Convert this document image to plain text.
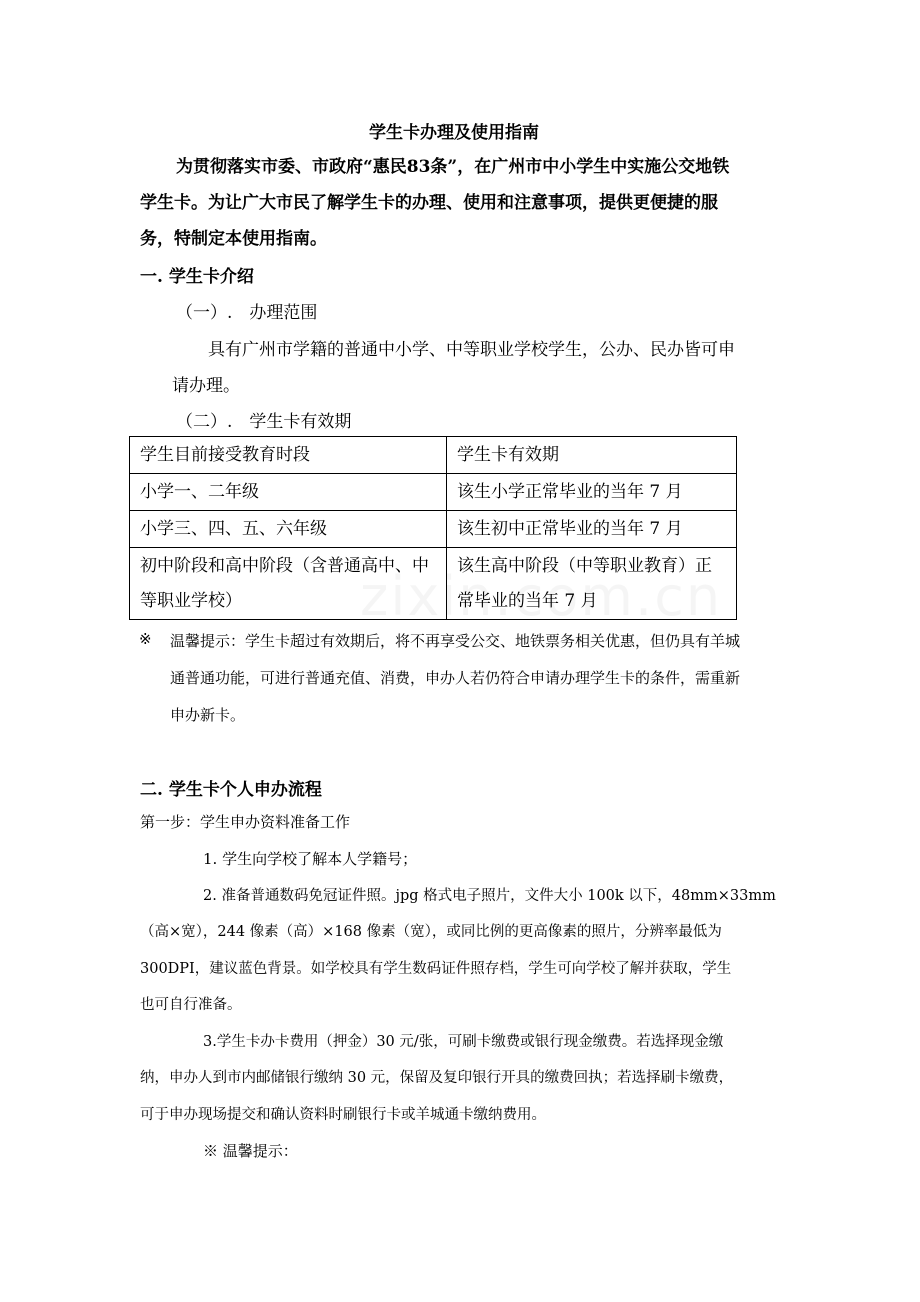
学生卡办理及使用指南
为贯彻落实市委、市政府“惠民83条”，在广州市中小学生中实施公交地铁
学生卡。为让广大市民了解学生卡的办理、使用和注意事项，提供更便捷的服
务，特制定本使用指南。
一. 学生卡介绍
（一）.　办理范围
具有广州市学籍的普通中小学、中等职业学校学生，公办、民办皆可申
请办理。
（二）.　学生卡有效期
学生目前接受教育时段	学生卡有效期
小学一、二年级	该生小学正常毕业的当年 7 月
小学三、四、五、六年级	该生初中正常毕业的当年 7 月
初中阶段和高中阶段（含普通高中、中等职业学校）	该生高中阶段（中等职业教育）正常毕业的当年 7 月
※ 温馨提示：学生卡超过有效期后，将不再享受公交、地铁票务相关优惠，但仍具有羊城
通普通功能，可进行普通充值、消费，申办人若仍符合申请办理学生卡的条件，需重新
申办新卡。
二. 学生卡个人申办流程
第一步：学生申办资料准备工作
1. 学生向学校了解本人学籍号；
2. 准备普通数码免冠证件照。jpg 格式电子照片，文件大小 100k 以下，48mm×33mm
（高×宽），244 像素（高）×168 像素（宽），或同比例的更高像素的照片，分辨率最低为
300DPI，建议蓝色背景。如学校具有学生数码证件照存档，学生可向学校了解并获取，学生
也可自行准备。
3.学生卡办卡费用（押金）30 元/张，可刷卡缴费或银行现金缴费。若选择现金缴
纳，申办人到市内邮储银行缴纳 30 元，保留及复印银行开具的缴费回执；若选择刷卡缴费，
可于申办现场提交和确认资料时刷银行卡或羊城通卡缴纳费用。
※ 温馨提示：
